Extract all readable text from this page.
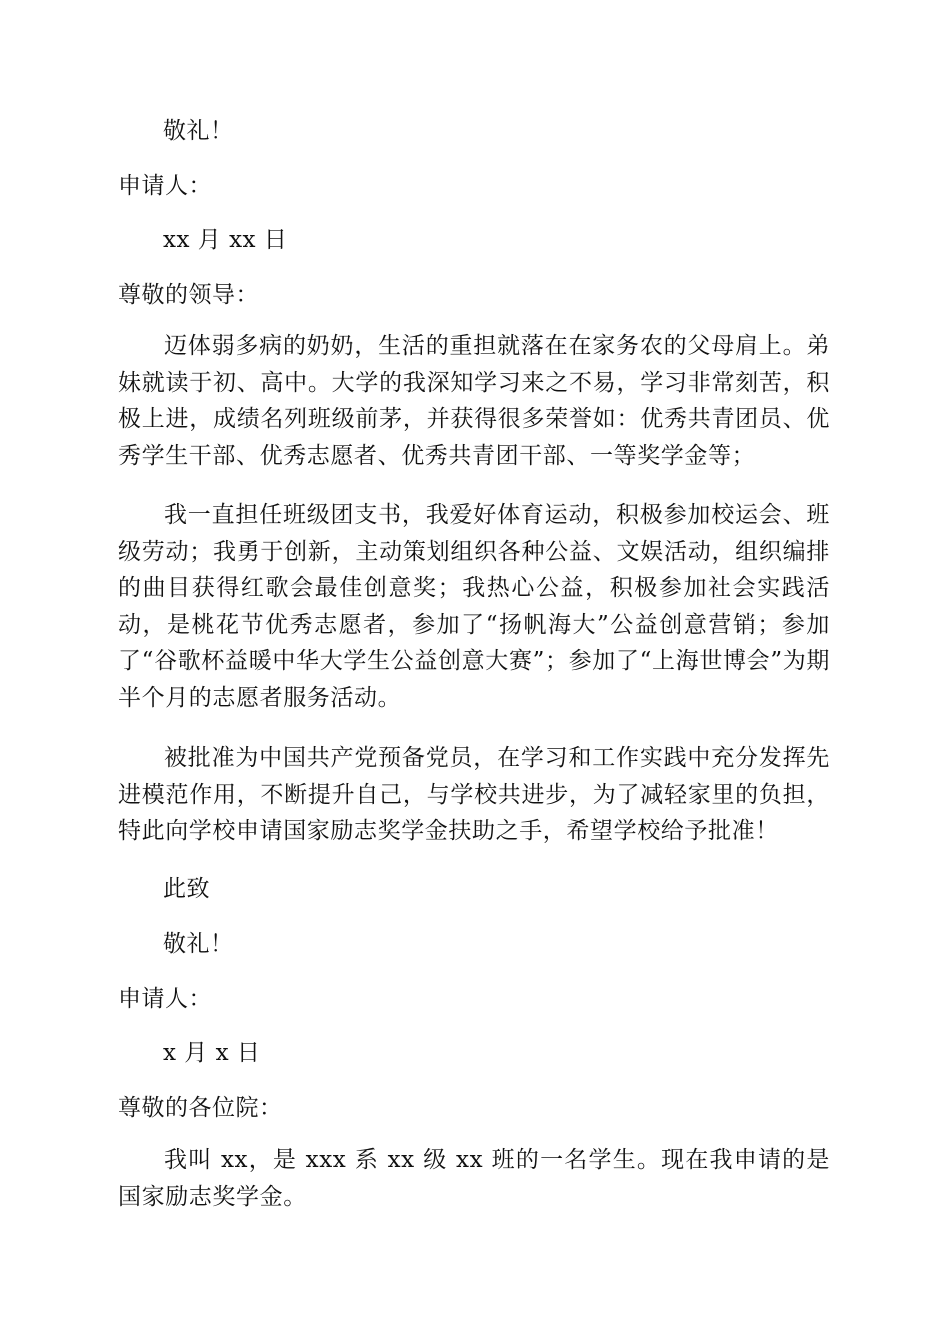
敬礼！
申请人：
xx 月 xx 日
尊敬的领导：
迈体弱多病的奶奶，生活的重担就落在在家务农的父母肩上。弟妹就读于初、高中。大学的我深知学习来之不易，学习非常刻苦，积极上进，成绩名列班级前茅，并获得很多荣誉如：优秀共青团员、优秀学生干部、优秀志愿者、优秀共青团干部、一等奖学金等；
我一直担任班级团支书，我爱好体育运动，积极参加校运会、班级劳动；我勇于创新，主动策划组织各种公益、文娱活动，组织编排的曲目获得红歌会最佳创意奖；我热心公益，积极参加社会实践活动，是桃花节优秀志愿者，参加了“扬帆海大”公益创意营销；参加了“谷歌杯益暖中华大学生公益创意大赛”；参加了“上海世博会”为期半个月的志愿者服务活动。
被批准为中国共产党预备党员，在学习和工作实践中充分发挥先进模范作用，不断提升自己，与学校共进步，为了减轻家里的负担，特此向学校申请国家励志奖学金扶助之手，希望学校给予批准！
此致
敬礼！
申请人：
x 月 x 日
尊敬的各位院：
我叫 xx，是 xxx 系 xx 级 xx 班的一名学生。现在我申请的是国家励志奖学金。
